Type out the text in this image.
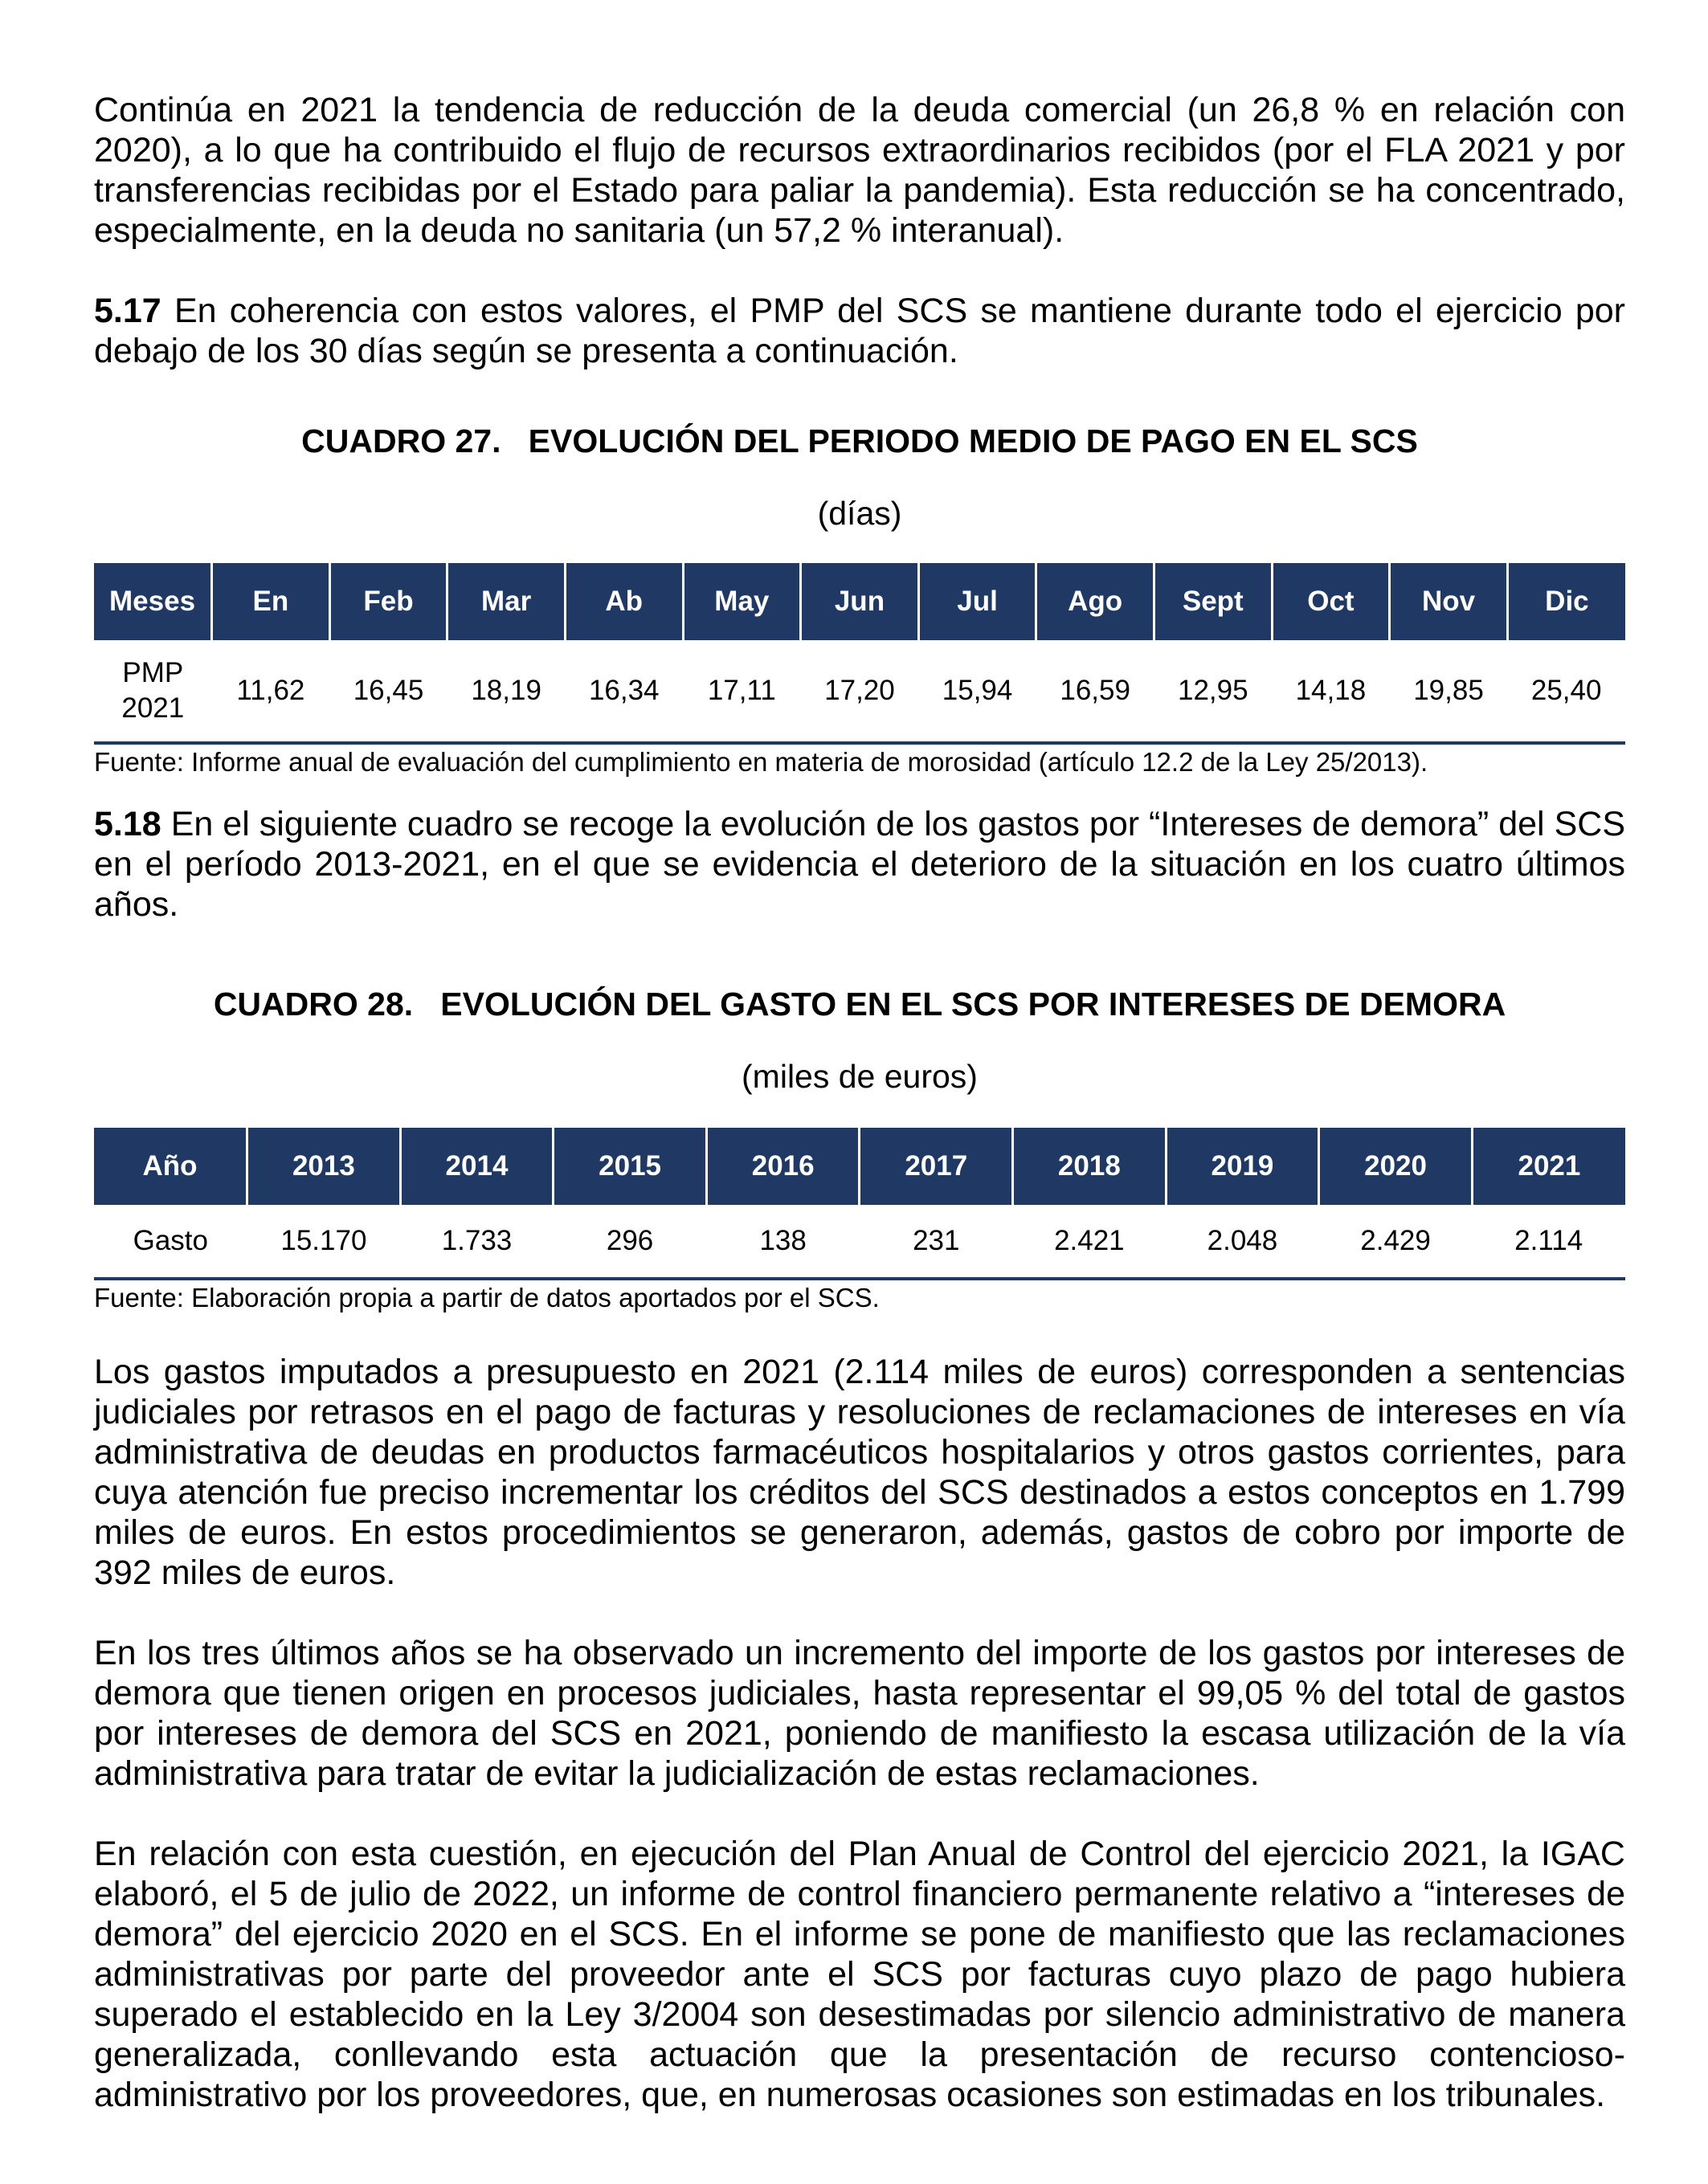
Continúa en 2021 la tendencia de reducción de la deuda comercial (un 26,8 % en relación con 2020), a lo que ha contribuido el flujo de recursos extraordinarios recibidos (por el FLA 2021 y por transferencias recibidas por el Estado para paliar la pandemia). Esta reducción se ha concentrado, especialmente, en la deuda no sanitaria (un 57,2 % interanual).

5.17 En coherencia con estos valores, el PMP del SCS se mantiene durante todo el ejercicio por debajo de los 30 días según se presenta a continuación.

CUADRO 27.   EVOLUCIÓN DEL PERIODO MEDIO DE PAGO EN EL SCS

(días)

Meses	En	Feb	Mar	Ab	May	Jun	Jul	Ago	Sept	Oct	Nov	Dic
PMP
2021	11,62	16,45	18,19	16,34	17,11	17,20	15,94	16,59	12,95	14,18	19,85	25,40

Fuente: Informe anual de evaluación del cumplimiento en materia de morosidad (artículo 12.2 de la Ley 25/2013).

5.18 En el siguiente cuadro se recoge la evolución de los gastos por “Intereses de demora” del SCS en el período 2013-2021, en el que se evidencia el deterioro de la situación en los cuatro últimos años.

CUADRO 28.   EVOLUCIÓN DEL GASTO EN EL SCS POR INTERESES DE DEMORA

(miles de euros)

Año	2013	2014	2015	2016	2017	2018	2019	2020	2021
Gasto	15.170	1.733	296	138	231	2.421	2.048	2.429	2.114

Fuente: Elaboración propia a partir de datos aportados por el SCS.

Los gastos imputados a presupuesto en 2021 (2.114 miles de euros) corresponden a sentencias judiciales por retrasos en el pago de facturas y resoluciones de reclamaciones de intereses en vía administrativa de deudas en productos farmacéuticos hospitalarios y otros gastos corrientes, para cuya atención fue preciso incrementar los créditos del SCS destinados a estos conceptos en 1.799 miles de euros. En estos procedimientos se generaron, además, gastos de cobro por importe de 392 miles de euros.

En los tres últimos años se ha observado un incremento del importe de los gastos por intereses de demora que tienen origen en procesos judiciales, hasta representar el 99,05 % del total de gastos por intereses de demora del SCS en 2021, poniendo de manifiesto la escasa utilización de la vía administrativa para tratar de evitar la judicialización de estas reclamaciones.

En relación con esta cuestión, en ejecución del Plan Anual de Control del ejercicio 2021, la IGAC elaboró, el 5 de julio de 2022, un informe de control financiero permanente relativo a “intereses de demora” del ejercicio 2020 en el SCS. En el informe se pone de manifiesto que las reclamaciones administrativas por parte del proveedor ante el SCS por facturas cuyo plazo de pago hubiera superado el establecido en la Ley 3/2004 son desestimadas por silencio administrativo de manera generalizada, conllevando esta actuación que la presentación de recurso contencioso-administrativo por los proveedores, que, en numerosas ocasiones son estimadas en los tribunales.
